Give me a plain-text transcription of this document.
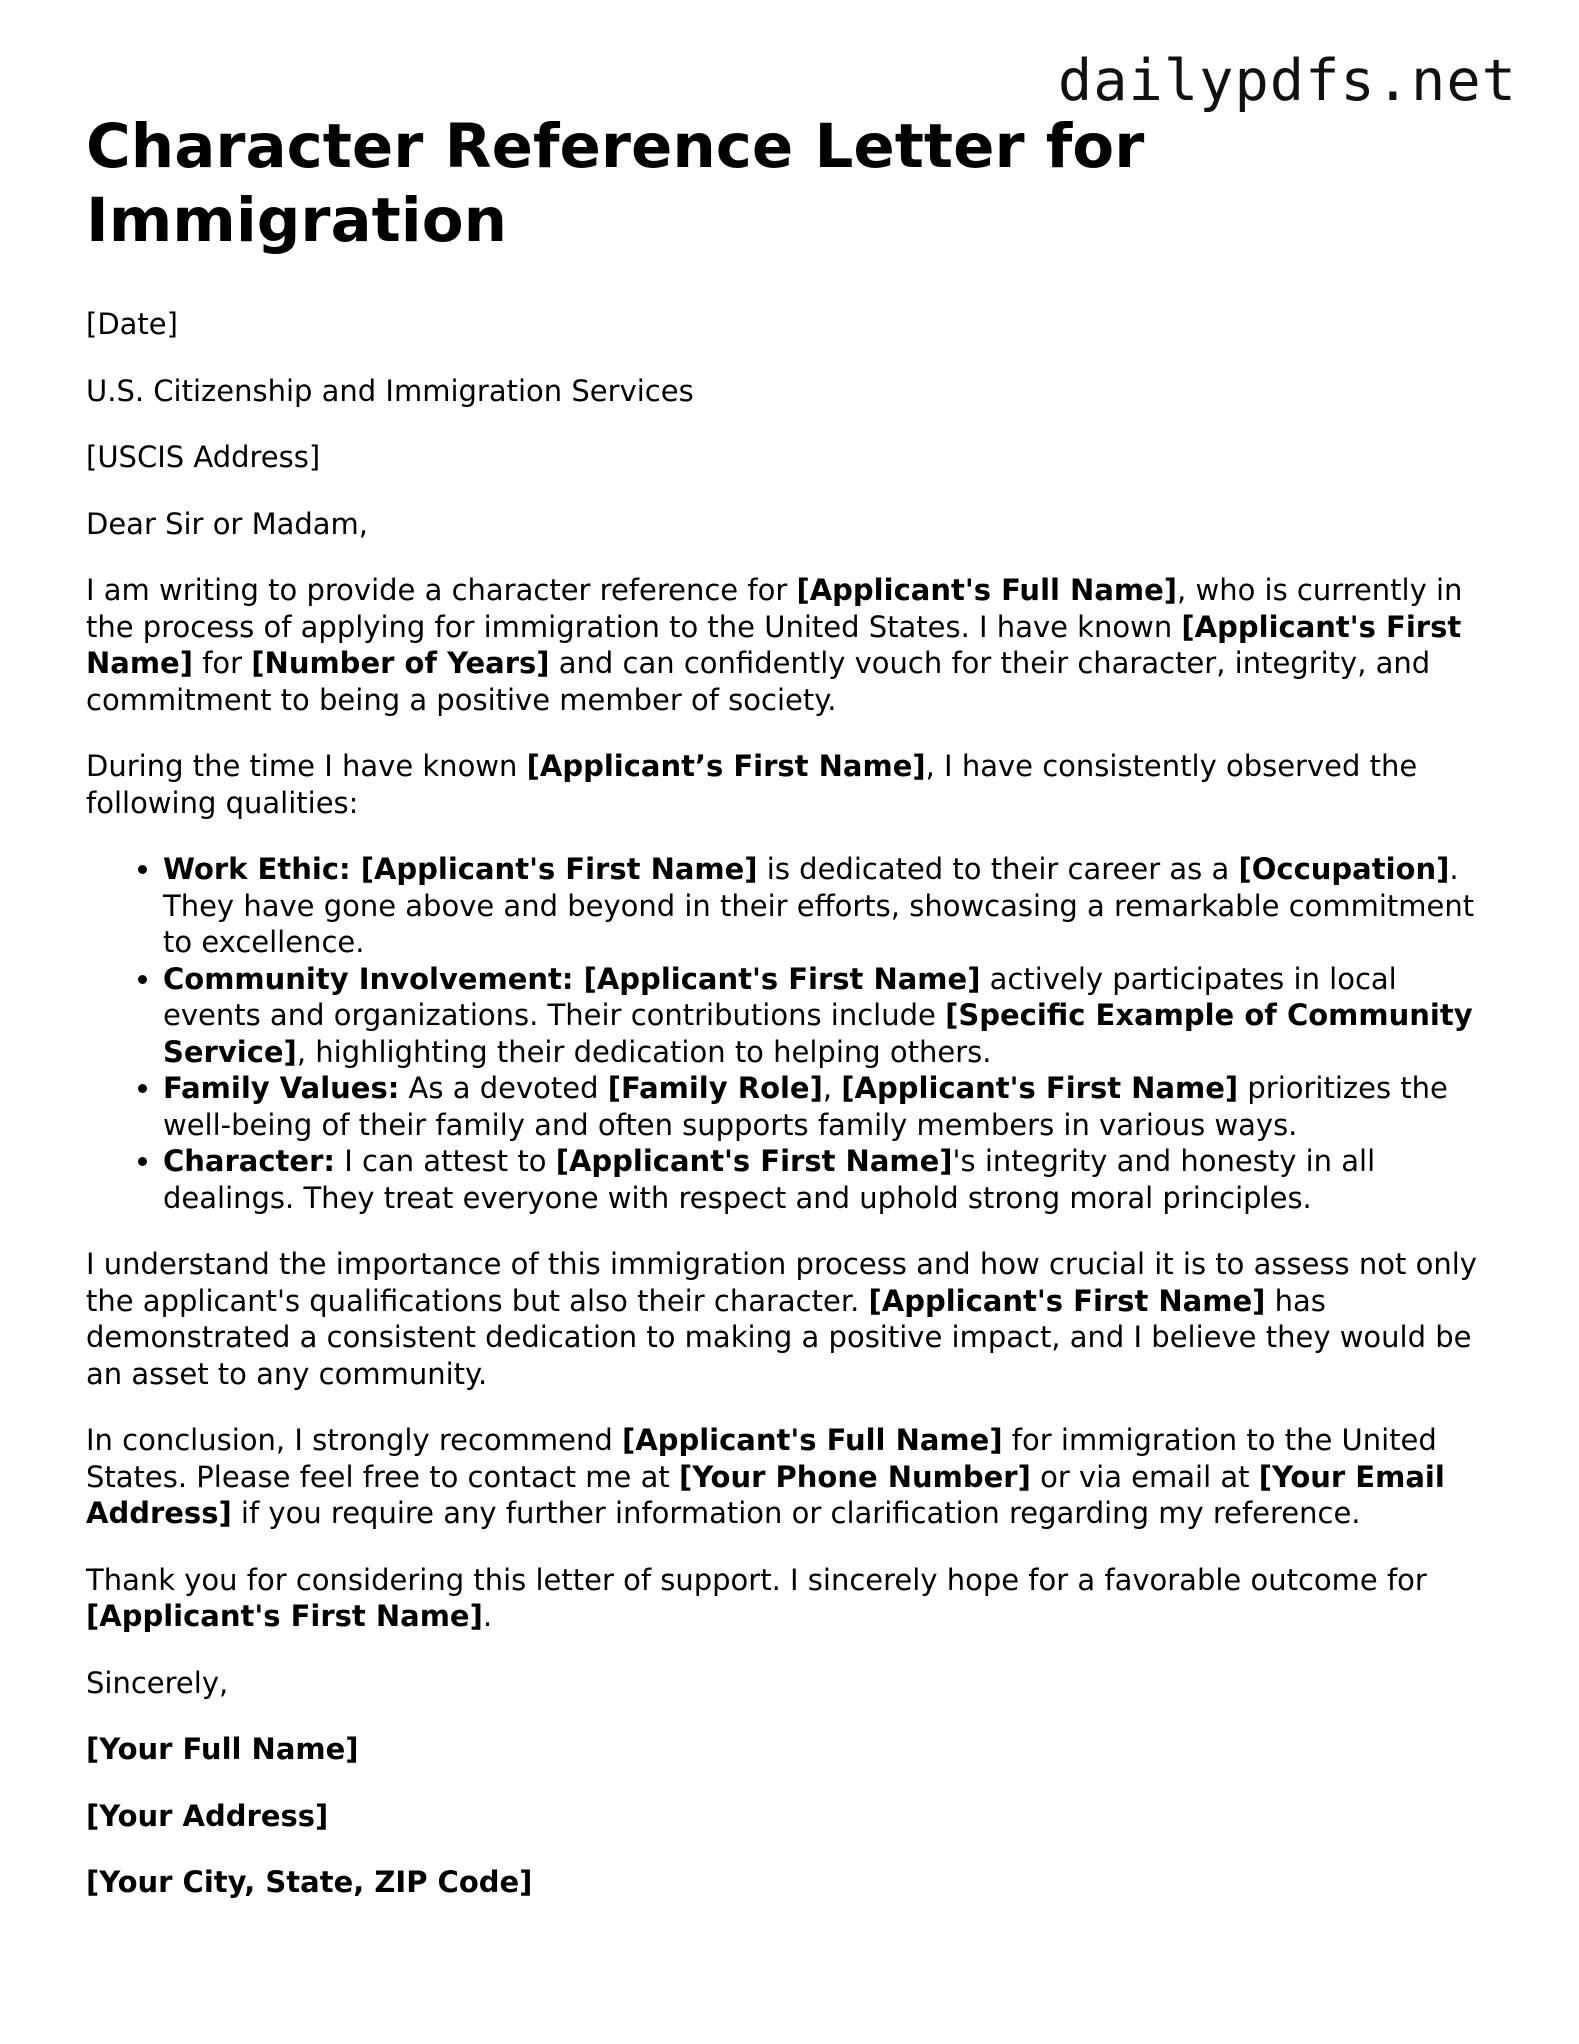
dailypdfs.net
Character Reference Letter for Immigration

[Date]

U.S. Citizenship and Immigration Services

[USCIS Address]

Dear Sir or Madam,

I am writing to provide a character reference for [Applicant's Full Name], who is currently in the process of applying for immigration to the United States. I have known [Applicant's First Name] for [Number of Years] and can confidently vouch for their character, integrity, and commitment to being a positive member of society.

During the time I have known [Applicant’s First Name], I have consistently observed the following qualities:

• Work Ethic: [Applicant's First Name] is dedicated to their career as a [Occupation]. They have gone above and beyond in their efforts, showcasing a remarkable commitment to excellence.
• Community Involvement: [Applicant's First Name] actively participates in local events and organizations. Their contributions include [Specific Example of Community Service], highlighting their dedication to helping others.
• Family Values: As a devoted [Family Role], [Applicant's First Name] prioritizes the well-being of their family and often supports family members in various ways.
• Character: I can attest to [Applicant's First Name]'s integrity and honesty in all dealings. They treat everyone with respect and uphold strong moral principles.

I understand the importance of this immigration process and how crucial it is to assess not only the applicant's qualifications but also their character. [Applicant's First Name] has demonstrated a consistent dedication to making a positive impact, and I believe they would be an asset to any community.

In conclusion, I strongly recommend [Applicant's Full Name] for immigration to the United States. Please feel free to contact me at [Your Phone Number] or via email at [Your Email Address] if you require any further information or clarification regarding my reference.

Thank you for considering this letter of support. I sincerely hope for a favorable outcome for [Applicant's First Name].

Sincerely,

[Your Full Name]

[Your Address]

[Your City, State, ZIP Code]
